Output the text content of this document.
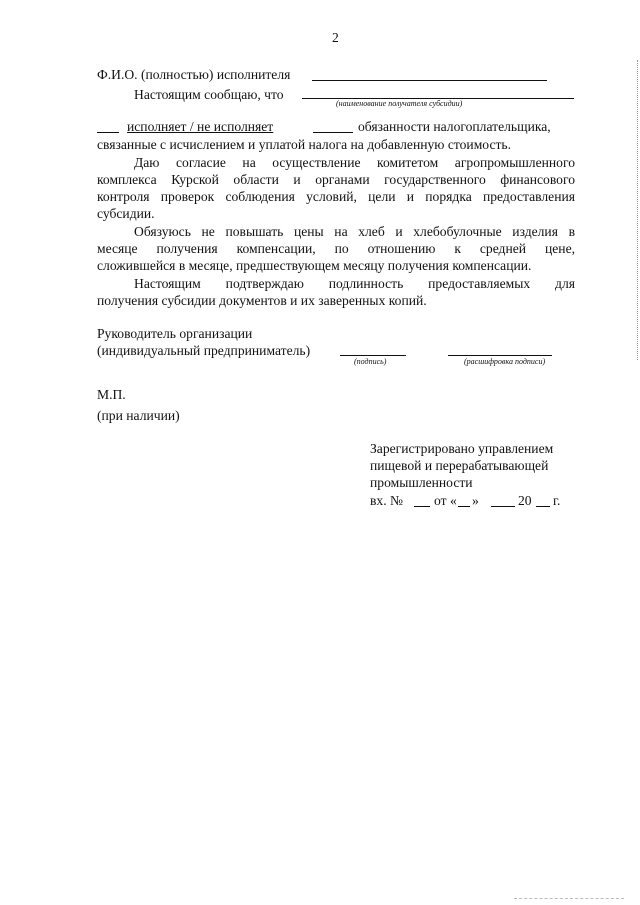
2
Ф.И.О. (полностью) исполнителя
Настоящим сообщаю, что
(наименование получателя субсидии)
исполняет / не исполняет	обязанности налогоплательщика,
связанные с исчислением и уплатой налога на добавленную стоимость.
Даю согласие на осуществление комитетом агропромышленного
комплекса Курской области и органами государственного финансового
контроля проверок соблюдения условий, цели и порядка предоставления
субсидии.
Обязуюсь не повышать цены на хлеб и хлебобулочные изделия в
месяце получения компенсации, по отношению к средней цене,
сложившейся в месяце, предшествующем месяцу получения компенсации.
Настоящим подтверждаю подлинность предоставляемых для
получения субсидии документов и их заверенных копий.
Руководитель организации
(индивидуальный предприниматель)
(подпись)	(расшифровка подписи)
М.П.
(при наличии)
Зарегистрировано управлением
пищевой и перерабатывающей
промышленности
вх. № от « »	20 г.
